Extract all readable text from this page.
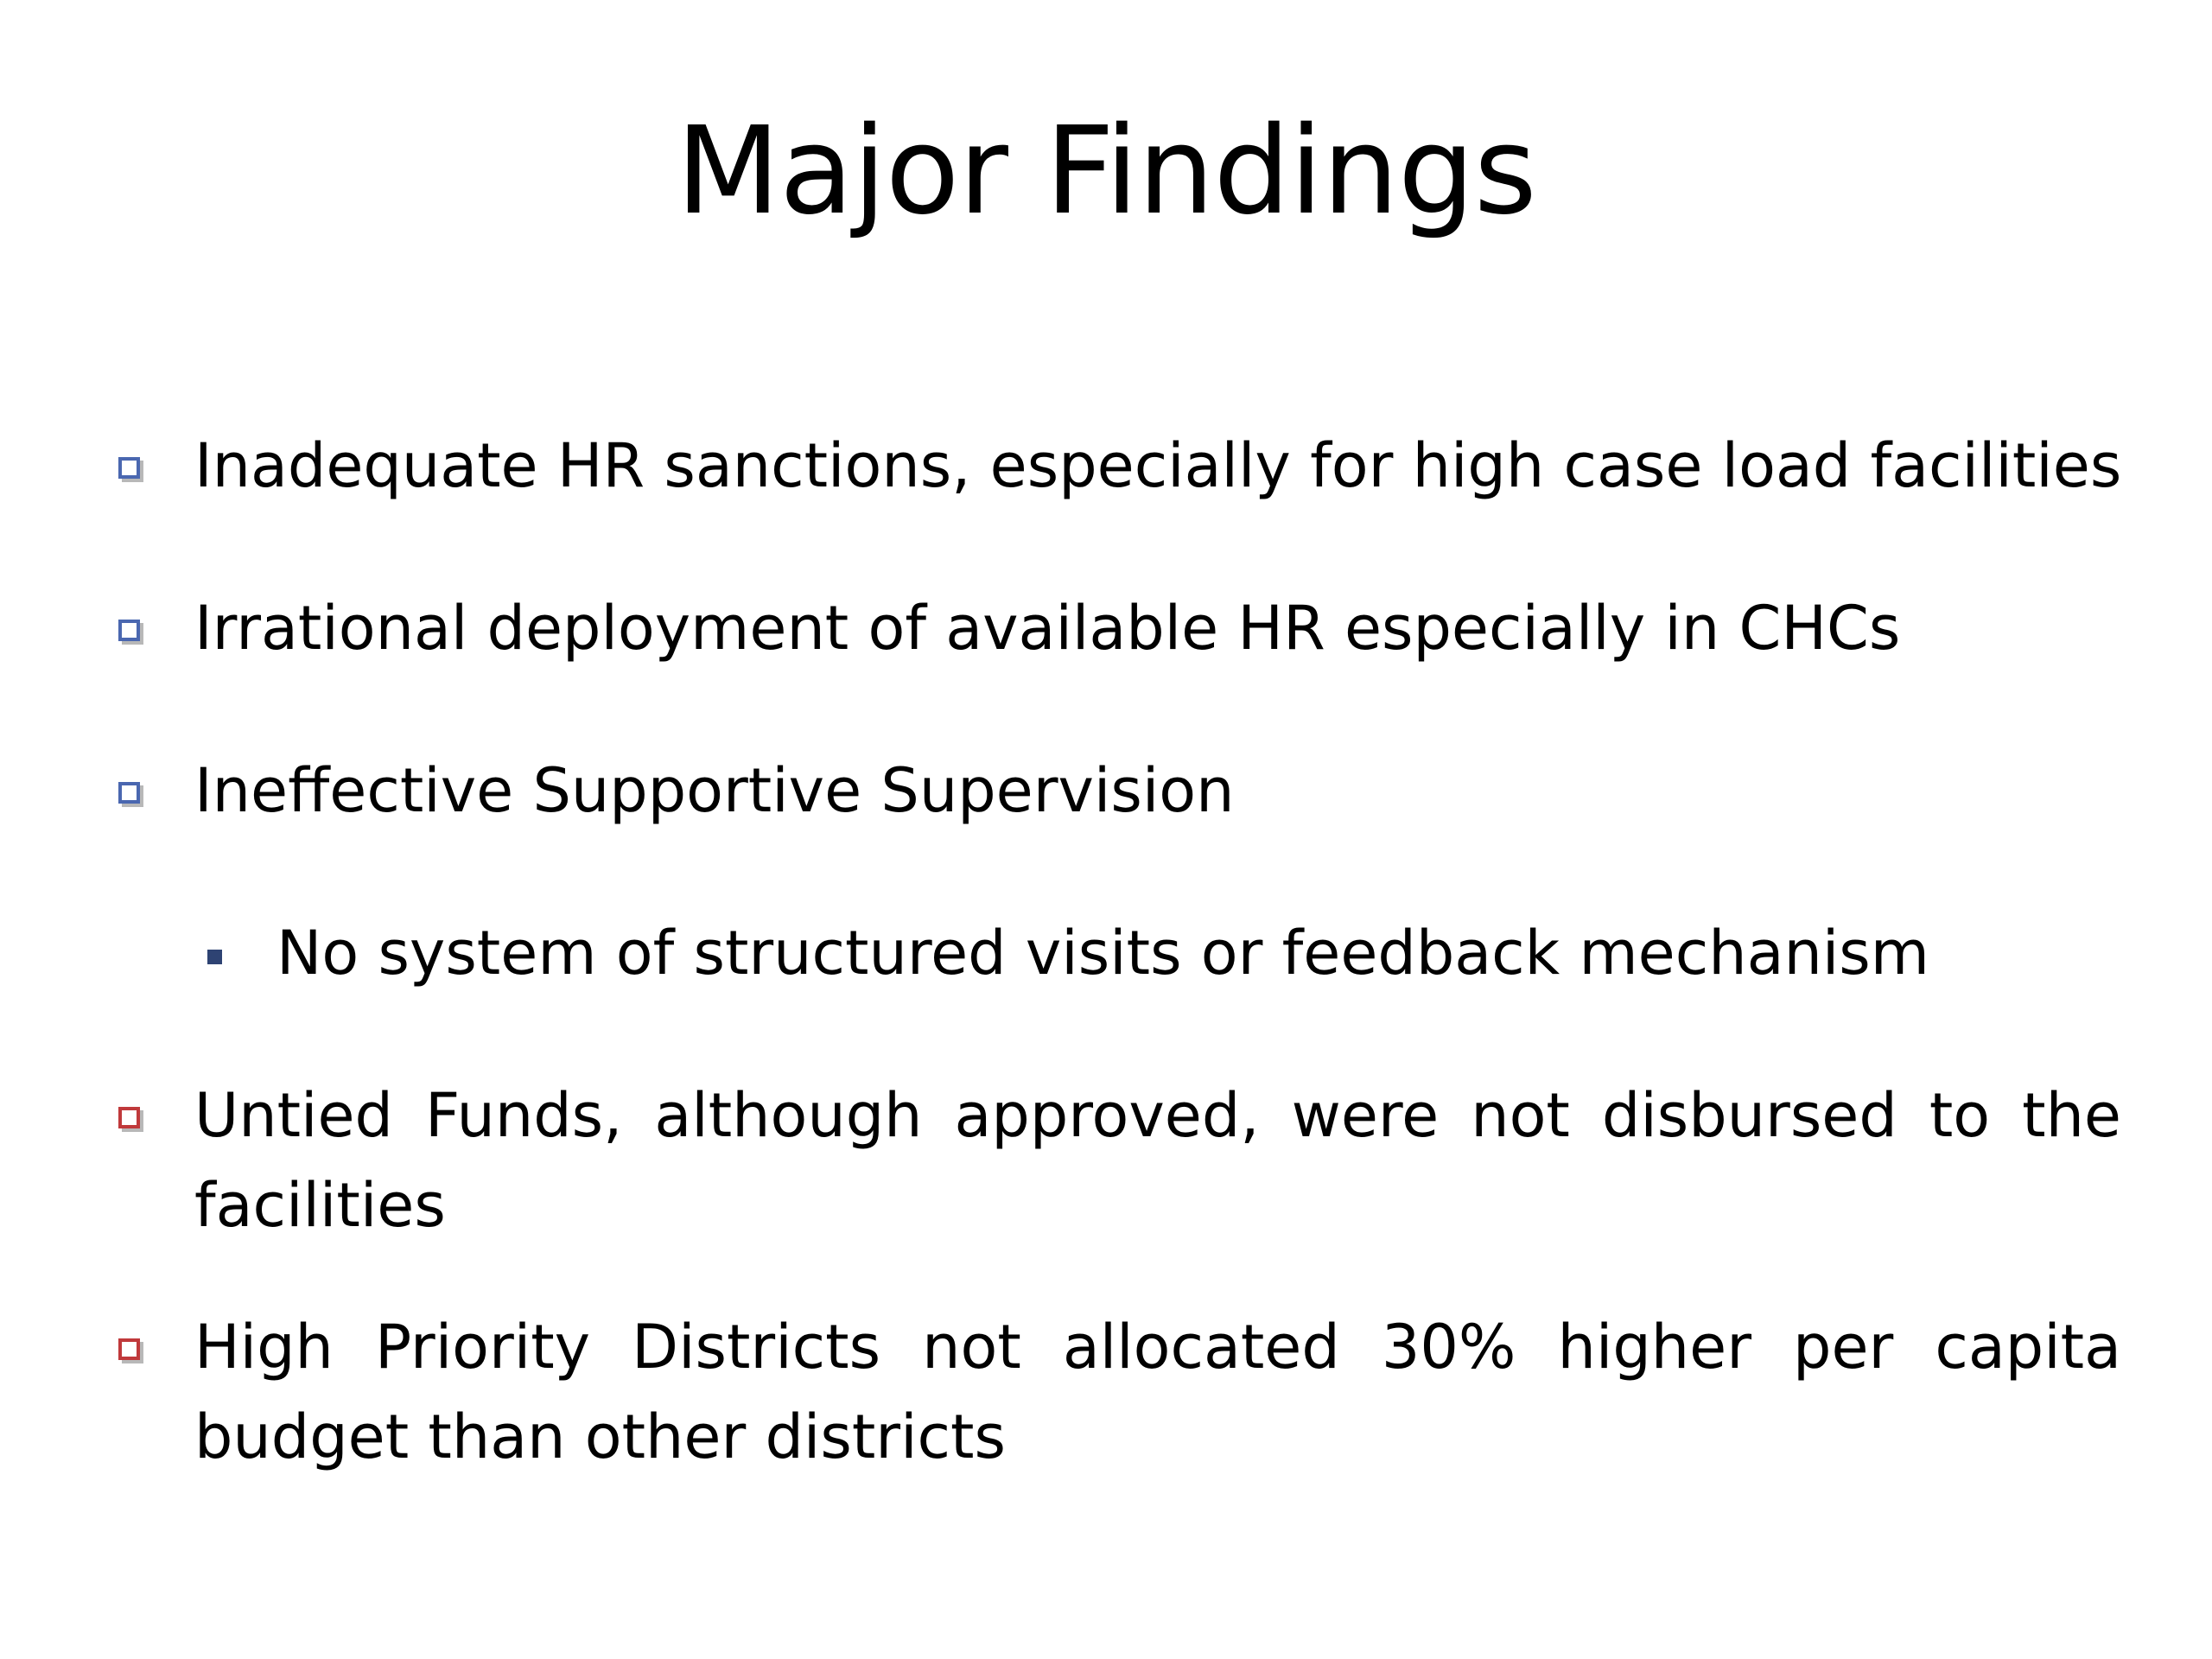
Major Findings
Inadequate HR sanctions, especially for high case load facilities
Irrational deployment of available HR especially in CHCs
Ineffective Supportive Supervision
No system of structured visits or feedback mechanism
Untied Funds, although approved, were not disbursed to the facilities
High Priority Districts not allocated 30% higher per capita budget than other districts
